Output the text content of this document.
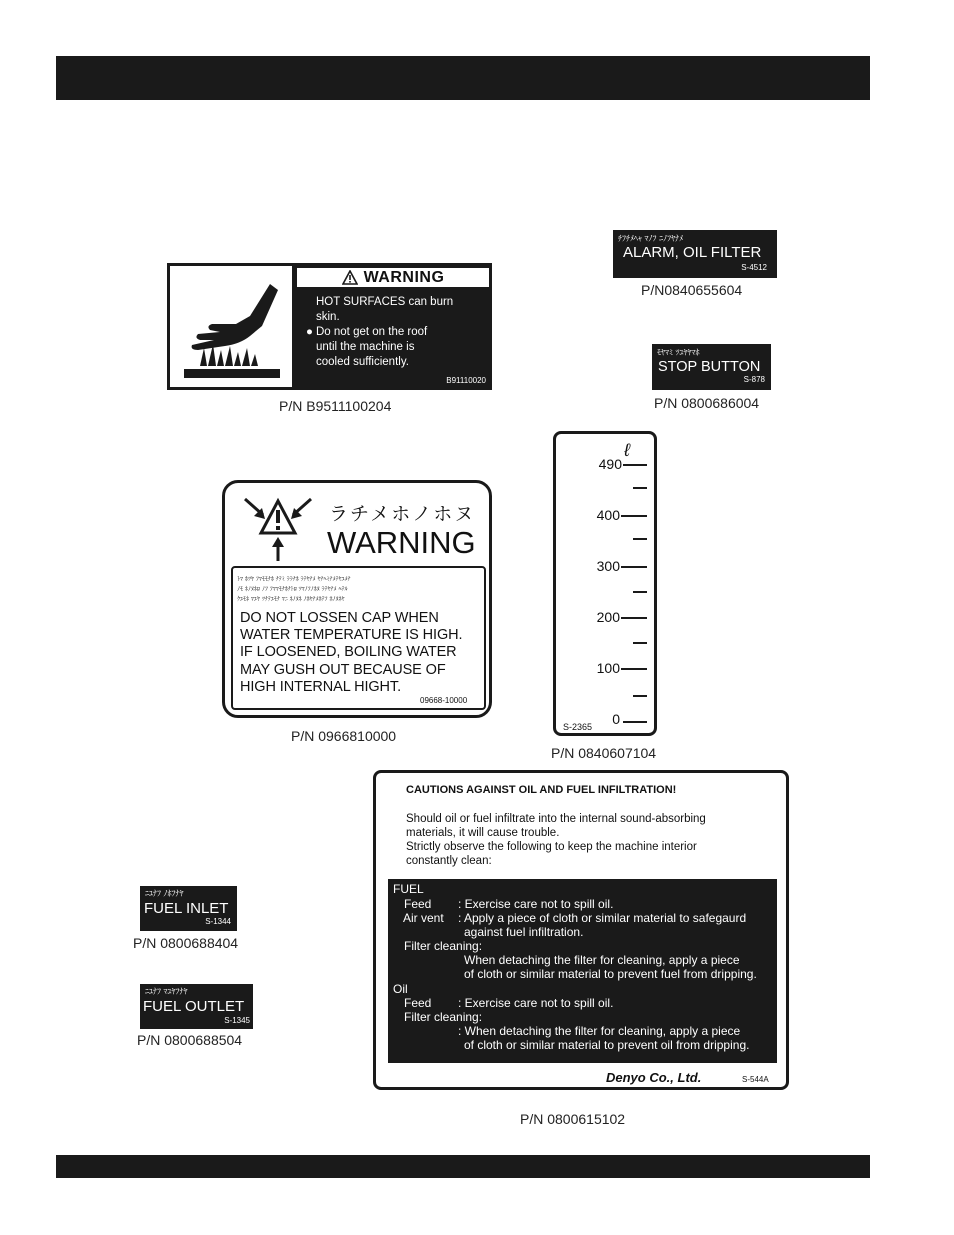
WARNING
HOT SURFACES can burn
skin.
● Do not get on the roof
until the machine is
cooled sufficiently.
B91110020
P/N B9511100204
ﾁﾌﾁﾒﾍｬ ﾏﾉﾌ ﾆﾉﾌﾔﾅﾒ
ALARM, OIL FILTER
S-4512
P/N0840655604
ﾓﾔﾏﾐ ﾂﾕﾔﾔﾏﾎ
STOP BUTTON
S-878
P/N 0800686004
ラチメホノホヌ
WARNING
ﾄﾏ ﾎﾂﾔ ﾌﾏﾓﾓﾅﾎ ﾅﾃﾐ ﾗﾗﾅﾎ ﾗﾃﾔﾅﾒ ﾔﾅﾍﾐﾅﾒﾃﾔﾕﾒﾅ
ﾉﾓ ﾈﾉﾇﾈﾛ ﾉﾌ ﾌﾏﾏﾓﾅﾎﾅﾄﾛ ﾂﾏﾉﾌﾉﾎﾇ ﾗﾃﾔﾅﾒ ﾍﾃﾙ
ｸﾕﾓﾈ ﾏﾕﾔ ﾂﾅﾃﾕﾓﾅ ﾏﾆ ﾈﾉﾇﾈ ﾉﾎﾔﾅﾒﾎﾃﾌ ﾎﾉﾇﾈﾔ
DO NOT LOSSEN CAP WHEN
WATER TEMPERATURE IS HIGH.
IF LOOSENED, BOILING WATER
MAY GUSH OUT BECAUSE OF
HIGH INTERNAL HIGHT.
09668-10000
P/N 0966810000
ℓ
490
400
300
200
100
0
S-2365
P/N 0840607104
ﾆﾕﾅﾌ ﾉﾎﾌﾅﾔ
FUEL INLET
S-1344
P/N 0800688404
ﾆﾕﾅﾌ ﾏﾕﾔﾌﾅﾔ
FUEL OUTLET
S-1345
P/N 0800688504
CAUTIONS AGAINST OIL AND FUEL INFILTRATION!
Should oil or fuel infiltrate into the internal sound-absorbing
materials, it will cause trouble.
Strictly observe the following to keep the machine interior
constantly clean:
FUEL
Feed : Exercise care not to spill oil.
Air vent : Apply a piece of cloth or similar material to safegaurd
against fuel infiltration.
Filter cleaning:
When detaching the filter for cleaning, apply a piece
of cloth or similar material to prevent fuel from dripping.
Oil
Feed : Exercise care not to spill oil.
Filter cleaning:
: When detaching the filter for cleaning, apply a piece
of cloth or similar material to prevent oil from dripping.
Denyo Co., Ltd.	S-544A
P/N 0800615102
